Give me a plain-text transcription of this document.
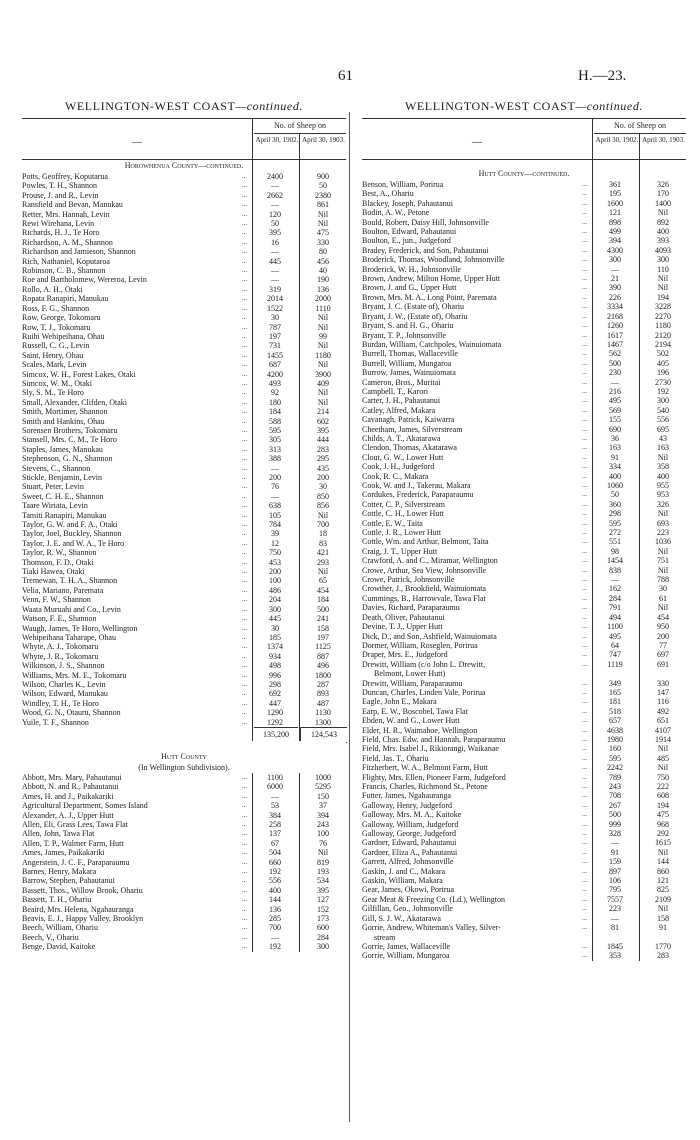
61	H.—23.
WELLINGTON-WEST COAST—continued.
—
No. of Sheep on
April 30, 1902. April 30, 1903.
Horowhenua County—continued.
Potts, Geoffrey, Koputarua	...	2400	900
Powles, T. H., Shannon	...	—	50
Prouse, J. and R., Levin	...	2662	2380
Ransfield and Bevan, Manukau	...	—	861
Retter, Mrs. Hannah, Levin	...	120	Nil
Rewi Wirehana, Levin	...	50	Nil
Richards, H. J., Te Horo	...	395	475
Richardson, A. M., Shannon	...	16	330
Richardson and Jamieson, Shannon	...	—	80
Rich, Nathaniel, Koputaroa	...	445	456
Robinson, C. B., Shannon	...	—	40
Roe and Bartholomew, Wereroa, Levin	...	—	190
Rollo, A. H., Otaki	...	319	136
Ropata Ranapiri, Manukau	...	2014	2000
Ross, F. G., Shannon	...	1522	1110
Row, George, Tokomaru	...	30	Nil
Row, T. J., Tokomaru	...	787	Nil
Ruihi Wehipeihana, Ohau	...	197	99
Russell, C. G., Levin	...	731	Nil
Saint, Henry, Ohau	...	1455	1180
Scales, Mark, Levin	...	687	Nil
Simcox, W. H., Forest Lakes, Otaki	...	4200	3900
Simcox, W. M., Otaki	...	493	409
Sly, S. M., Te Horo	...	92	Nil
Small, Alexander, Clifden, Otaki	...	180	Nil
Smith, Mortimer, Shannon	...	184	214
Smith and Hankins, Ohau	...	588	602
Sorensen Brothers, Tokomaru	...	595	395
Stansell, Mrs. C. M., Te Horo	...	305	444
Staples, James, Manukau	...	313	283
Stephenson, G. N., Shannon	...	388	295
Stevens, C., Shannon	...	—	435
Stickle, Benjamin, Levin	...	200	200
Stuart, Peter, Levin	...	76	30
Sweet, C. H. E., Shannon	...	—	850
Taare Wiriata, Levin	...	638	856
Tamiti Ranapiri, Manukau	...	105	Nil
Taylor, G. W. and F. A., Otaki	...	784	700
Taylor, Joel, Buckley, Shannon	...	39	18
Taylor, J. E. and W. A., Te Horo	...	12	83
Taylor, R. W., Shannon	...	750	421
Thomson, F. D., Otaki	...	453	293
Tiaki Hawea, Otaki	...	200	Nil
Tremewan, T. H. A., Shannon	...	100	65
Velia, Mariano, Paremata	...	486	454
Venn, F. W., Shannon	...	204	184
Waata Muruahi and Co., Levin	...	300	500
Watson, F. E., Shannon	...	445	241
Waugh, James, Te Horo, Wellington	...	30	158
Wehipeihana Taharape, Ohau	...	185	197
Whyte, A. J., Tokomaru	...	1374	1125
Whyte, J. R., Tokomaru	...	934	887
Wilkinson, J. S., Shannon	...	498	496
Williams, Mrs. M. E., Tokomaru	...	996	1800
Wilson, Charles K., Levin	...	298	287
Wilson, Edward, Manukau	...	692	893
Windley, T. H., Te Horo	...	447	487
Wood, G. N., Otauru, Shannon	...	1290	1130
Yuile, T. F., Shannon	...	1292	1300
135,200	124,543
Hutt County
(In Wellington Subdivision).
Abbott, Mrs. Mary, Pahautanui	...	1100	1000
Abbott, N. and R., Pahautanui	...	6000	5295
Ames, H. and J., Paikakariki	...	—	150
Agricultural Department, Somes Island	...	53	37
Alexander, A. J., Upper Hutt	...	384	394
Allen, Eli, Grass Lees, Tawa Flat	...	258	243
Allen, John, Tawa Flat	...	137	100
Allen, T. P., Walmer Farm, Hutt	...	67	76
Ames, James, Paikakariki	...	504	Nil
Angerstein, J. C. F., Paraparaumu	...	660	819
Barnes, Henry, Makara	...	192	193
Barrow, Stephen, Pahautanui	...	556	534
Bassett, Thos., Willow Brook, Ohariu	...	400	395
Bassett, T. H., Ohariu	...	144	127
Beaird, Mrs. Helena, Ngahauranga	...	136	152
Beavis, E. J., Happy Valley, Brooklyn	...	285	173
Beech, William, Ohariu	...	700	600
Beech, V., Ohariu	...	—	284
Benge, David, Kaitoke	...	192	300
WELLINGTON-WEST COAST—continued.
—
No. of Sheep on
April 30, 1902. April 30, 1903.
Hutt County—continued.
Benson, William, Porirua	...	361	326
Best, A., Ohariu	...	195	170
Blackey, Joseph, Pahautanui	...	1600	1400
Bodin, A. W., Petone	...	121	Nil
Bould, Robert, Daisy Hill, Johnsonville	...	898	892
Boulton, Edward, Pahautanui	...	499	400
Boulton, E., jun., Judgeford	...	394	393
Bradey, Frederick, and Son, Pahautanui	...	4300	4093
Broderick, Thomas, Woodland, Johnsonville	...	300	300
Broderick, W. H., Johnsonville	...	—	110
Brown, Andrew, Milton Home, Upper Hutt	...	21	Nil
Brown, J. and G., Upper Hutt	...	390	Nil
Brown, Mrs. M. A., Long Point, Paremata	...	226	194
Bryant, J. C. (Estate of), Ohariu	...	3334	3228
Bryant, J. W., (Estate of), Ohariu	...	2168	2270
Bryant, S. and H. G., Ohariu	...	1260	1180
Bryant, T. P., Johnsonville	...	1617	2120
Burdan, William, Catchpoles, Wainuiomata	...	1467	2194
Burrell, Thomas, Wallaceville	...	562	502
Burrell, William, Mungaroa	...	500	405
Burrow, James, Wainuiomata	...	230	196
Cameron, Bros., Muritai	...	—	2730
Campbell, T., Karori	...	216	192
Carter, J. H., Pahautanui	...	495	300
Catley, Alfred, Makara	...	569	540
Cavanagh, Patrick, Kaiwarra	...	155	556
Cheetham, James, Silverstream	...	690	695
Childs, A. T., Akatarawa	...	36	43
Clendon, Thomas, Akatarawa	...	163	163
Clout, G. W., Lower Hutt	...	91	Nil
Cook, J. H., Judgeford	...	334	358
Cook, R. C., Makara	...	400	400
Cook, W. and J., Takerau, Makara	...	1060	955
Cordukes, Frederick, Paraparaumu	...	50	953
Cotter, C. P., Silverstream	...	360	326
Cottle, C. H., Lower Hutt	...	298	Nil
Cottle, E. W., Taita	...	595	693
Cottle, J. R., Lower Hutt	...	272	223
Cottle, Wm. and Arthur, Belmont, Taita	...	551	1036
Craig, J. T., Upper Hutt	...	98	Nil
Crawford, A. and C., Miramar, Wellington	...	1454	751
Crowe, Arthur, Sea View, Johnsonville	...	838	Nil
Crowe, Patrick, Johnsonville	...	—	788
Crowther, J., Brookfield, Wainuiomata	...	162	30
Cummings, B., Harrowvale, Tawa Flat	...	284	61
Davies, Richard, Paraparaumu	...	791	Nil
Death, Oliver, Pahautanui	...	494	454
Devine, T. J., Upper Hutt	...	1100	950
Dick, D., and Son, Ashfield, Wainuiomata	...	495	200
Dormer, William, Roseglen, Porirua	...	64	77
Draper, Mrs. E., Judgeford	...	747	697
Drewitt, William (c/o John L. Drewitt,	...	1119	691
Belmont, Lower Hutt)
Drewitt, William, Paraparaumu	...	349	330
Duncan, Charles, Linden Vale, Porirua	...	165	147
Eagle, John E., Makara	...	181	116
Earp, E. W., Boscobel, Tawa Flat	...	518	492
Ebden, W. and G., Lower Hutt	...	657	651
Elder, H. R., Waimahoe, Wellington	...	4638	4107
Field, Chas. Edw. and Hannah, Paraparaumu	...	1980	1914
Field, Mrs. Isabel J., Rikiorangi, Waikanae	...	160	Nil
Field, Jas. T., Ohariu	...	595	485
Fitzherbert, W. A., Belmont Farm, Hutt	...	2242	Nil
Flighty, Mrs. Ellen, Pioneer Farm, Judgeford	...	789	750
Francis, Charles, Richmond St., Petone	...	243	222
Futter, James, Ngahauranga	...	708	608
Galloway, Henry, Judgeford	...	267	194
Galloway, Mrs. M. A., Kaitoke	...	500	475
Galloway, William, Judgeford	...	999	968
Galloway, George, Judgeford	...	328	292
Gardner, Edward, Pahautanui	...	—	1615
Gardner, Eliza A., Pahautanui	...	91	Nil
Garrett, Alfred, Johnsonville	...	159	144
Gaskin, J. and C., Makara	...	897	860
Gaskin, William, Makara	...	106	121
Gear, James, Okowi, Porirua	...	795	825
Gear Meat & Freezing Co. (Ld.), Wellington	...	7557	2109
Gilfillan, Geo., Johnsonville	...	223	Nil
Gill, S. J. W., Akatarawa	...	—	158
Gorrie, Andrew, Whiteman's Valley, Silver-	...	81	91
stream
Gorrie, James, Wallaceville	...	1845	1770
Gorrie, William, Mungaroa	...	353	283
